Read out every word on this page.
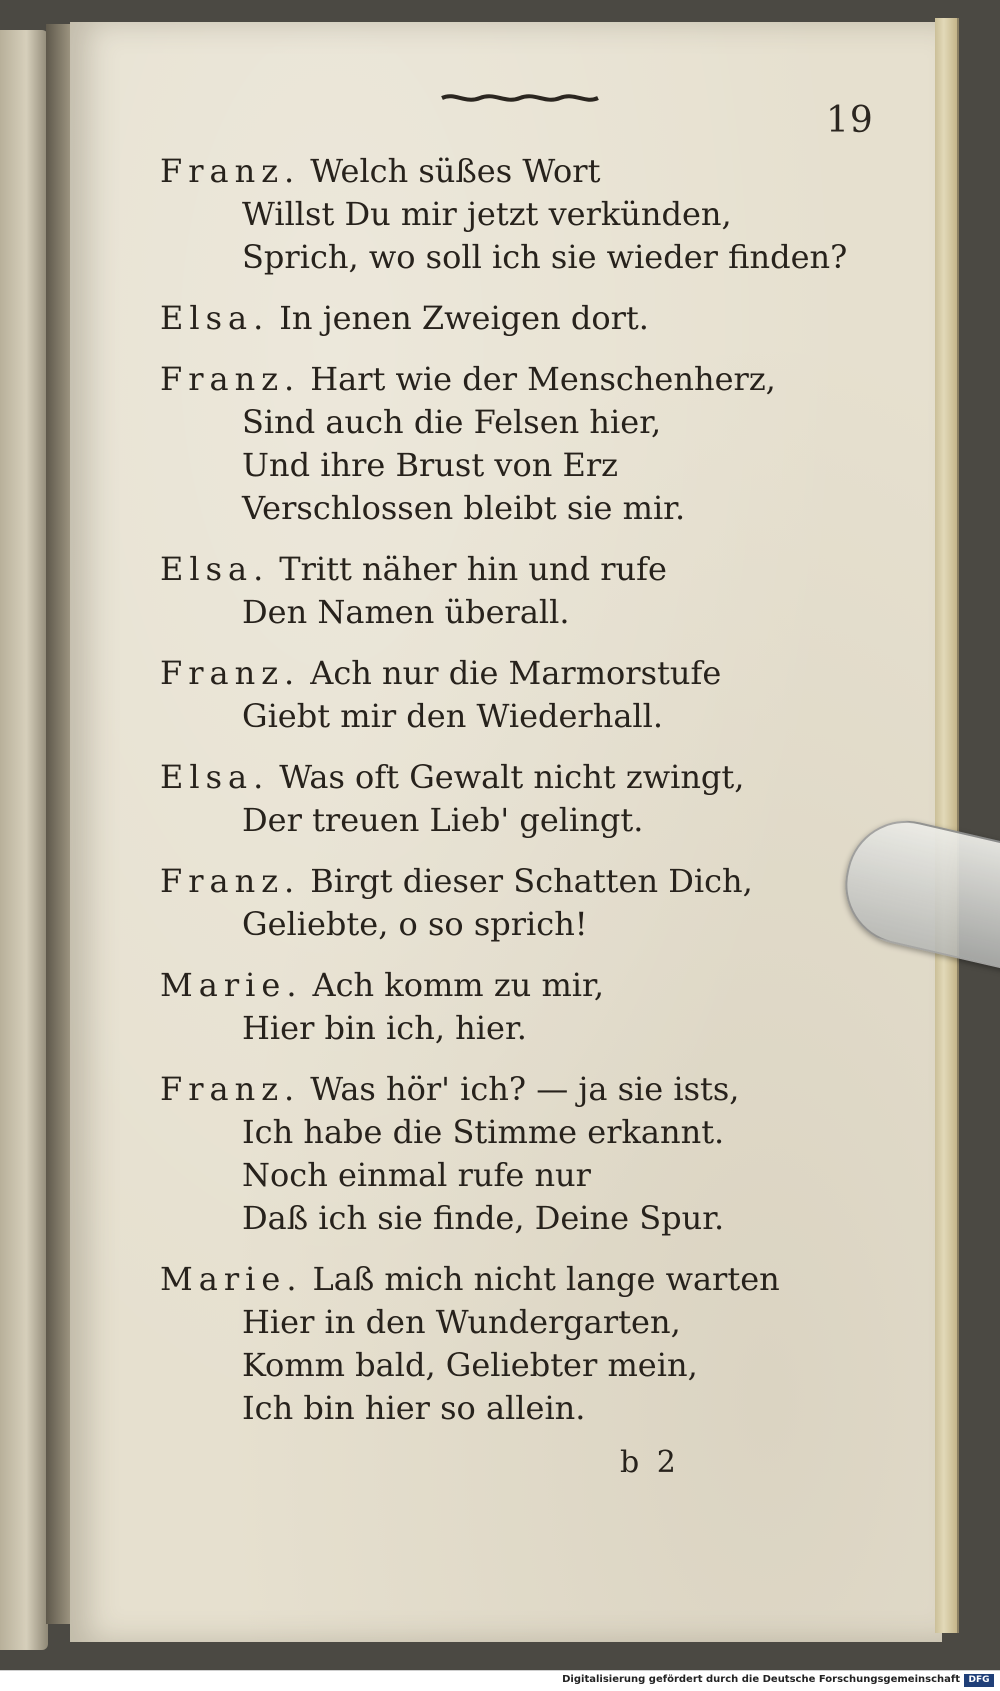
19
Franz. Welch süßes Wort
Willst Du mir jetzt verkünden,
Sprich, wo soll ich sie wieder finden?
Elsa. In jenen Zweigen dort.
Franz. Hart wie der Menschenherz,
Sind auch die Felsen hier,
Und ihre Brust von Erz
Verschlossen bleibt sie mir.
Elsa. Tritt näher hin und rufe
Den Namen überall.
Franz. Ach nur die Marmorstufe
Giebt mir den Wiederhall.
Elsa. Was oft Gewalt nicht zwingt,
Der treuen Lieb' gelingt.
Franz. Birgt dieser Schatten Dich,
Geliebte, o so sprich!
Marie. Ach komm zu mir,
Hier bin ich, hier.
Franz. Was hör' ich? — ja sie ists,
Ich habe die Stimme erkannt.
Noch einmal rufe nur
Daß ich sie finde, Deine Spur.
Marie. Laß mich nicht lange warten
Hier in den Wundergarten,
Komm bald, Geliebter mein,
Ich bin hier so allein.
b 2
Digitalisierung gefördert durch die Deutsche Forschungsgemeinschaft DFG
